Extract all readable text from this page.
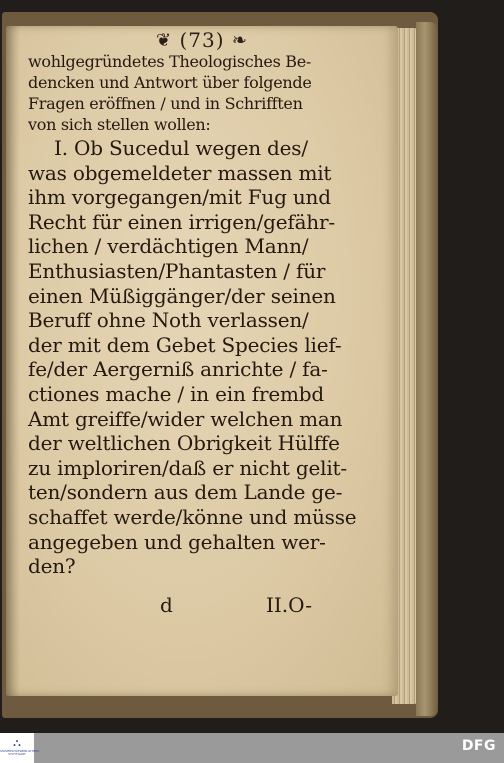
❦ (73) ❧
wohlgegründetes Theologisches Be-
dencken und Antwort über folgende
Fragen eröffnen / und in Schrifften
von sich stellen wollen:
I. Ob Sucedul wegen des/
was obgemeldeter massen mit
ihm vorgegangen/mit Fug und
Recht für einen irrigen/gefähr-
lichen / verdächtigen Mann/
Enthusiasten/Phantasten / für
einen Müßiggänger/der seinen
Beruff ohne Noth verlassen/
der mit dem Gebet Species lief-
fe/der Aergerniß anrichte / fa-
ctiones mache / in ein frembd
Amt greiffe/wider welchen man
der weltlichen Obrigkeit Hülffe
zu imploriren/daß er nicht gelit-
ten/sondern aus dem Lande ge-
schaffet werde/könne und müsse
angegeben und gehalten wer-
den?
d	II.O-
⛬
UNIVERSITÄTSBIBLIOTHEK STUTTGART	DFG
